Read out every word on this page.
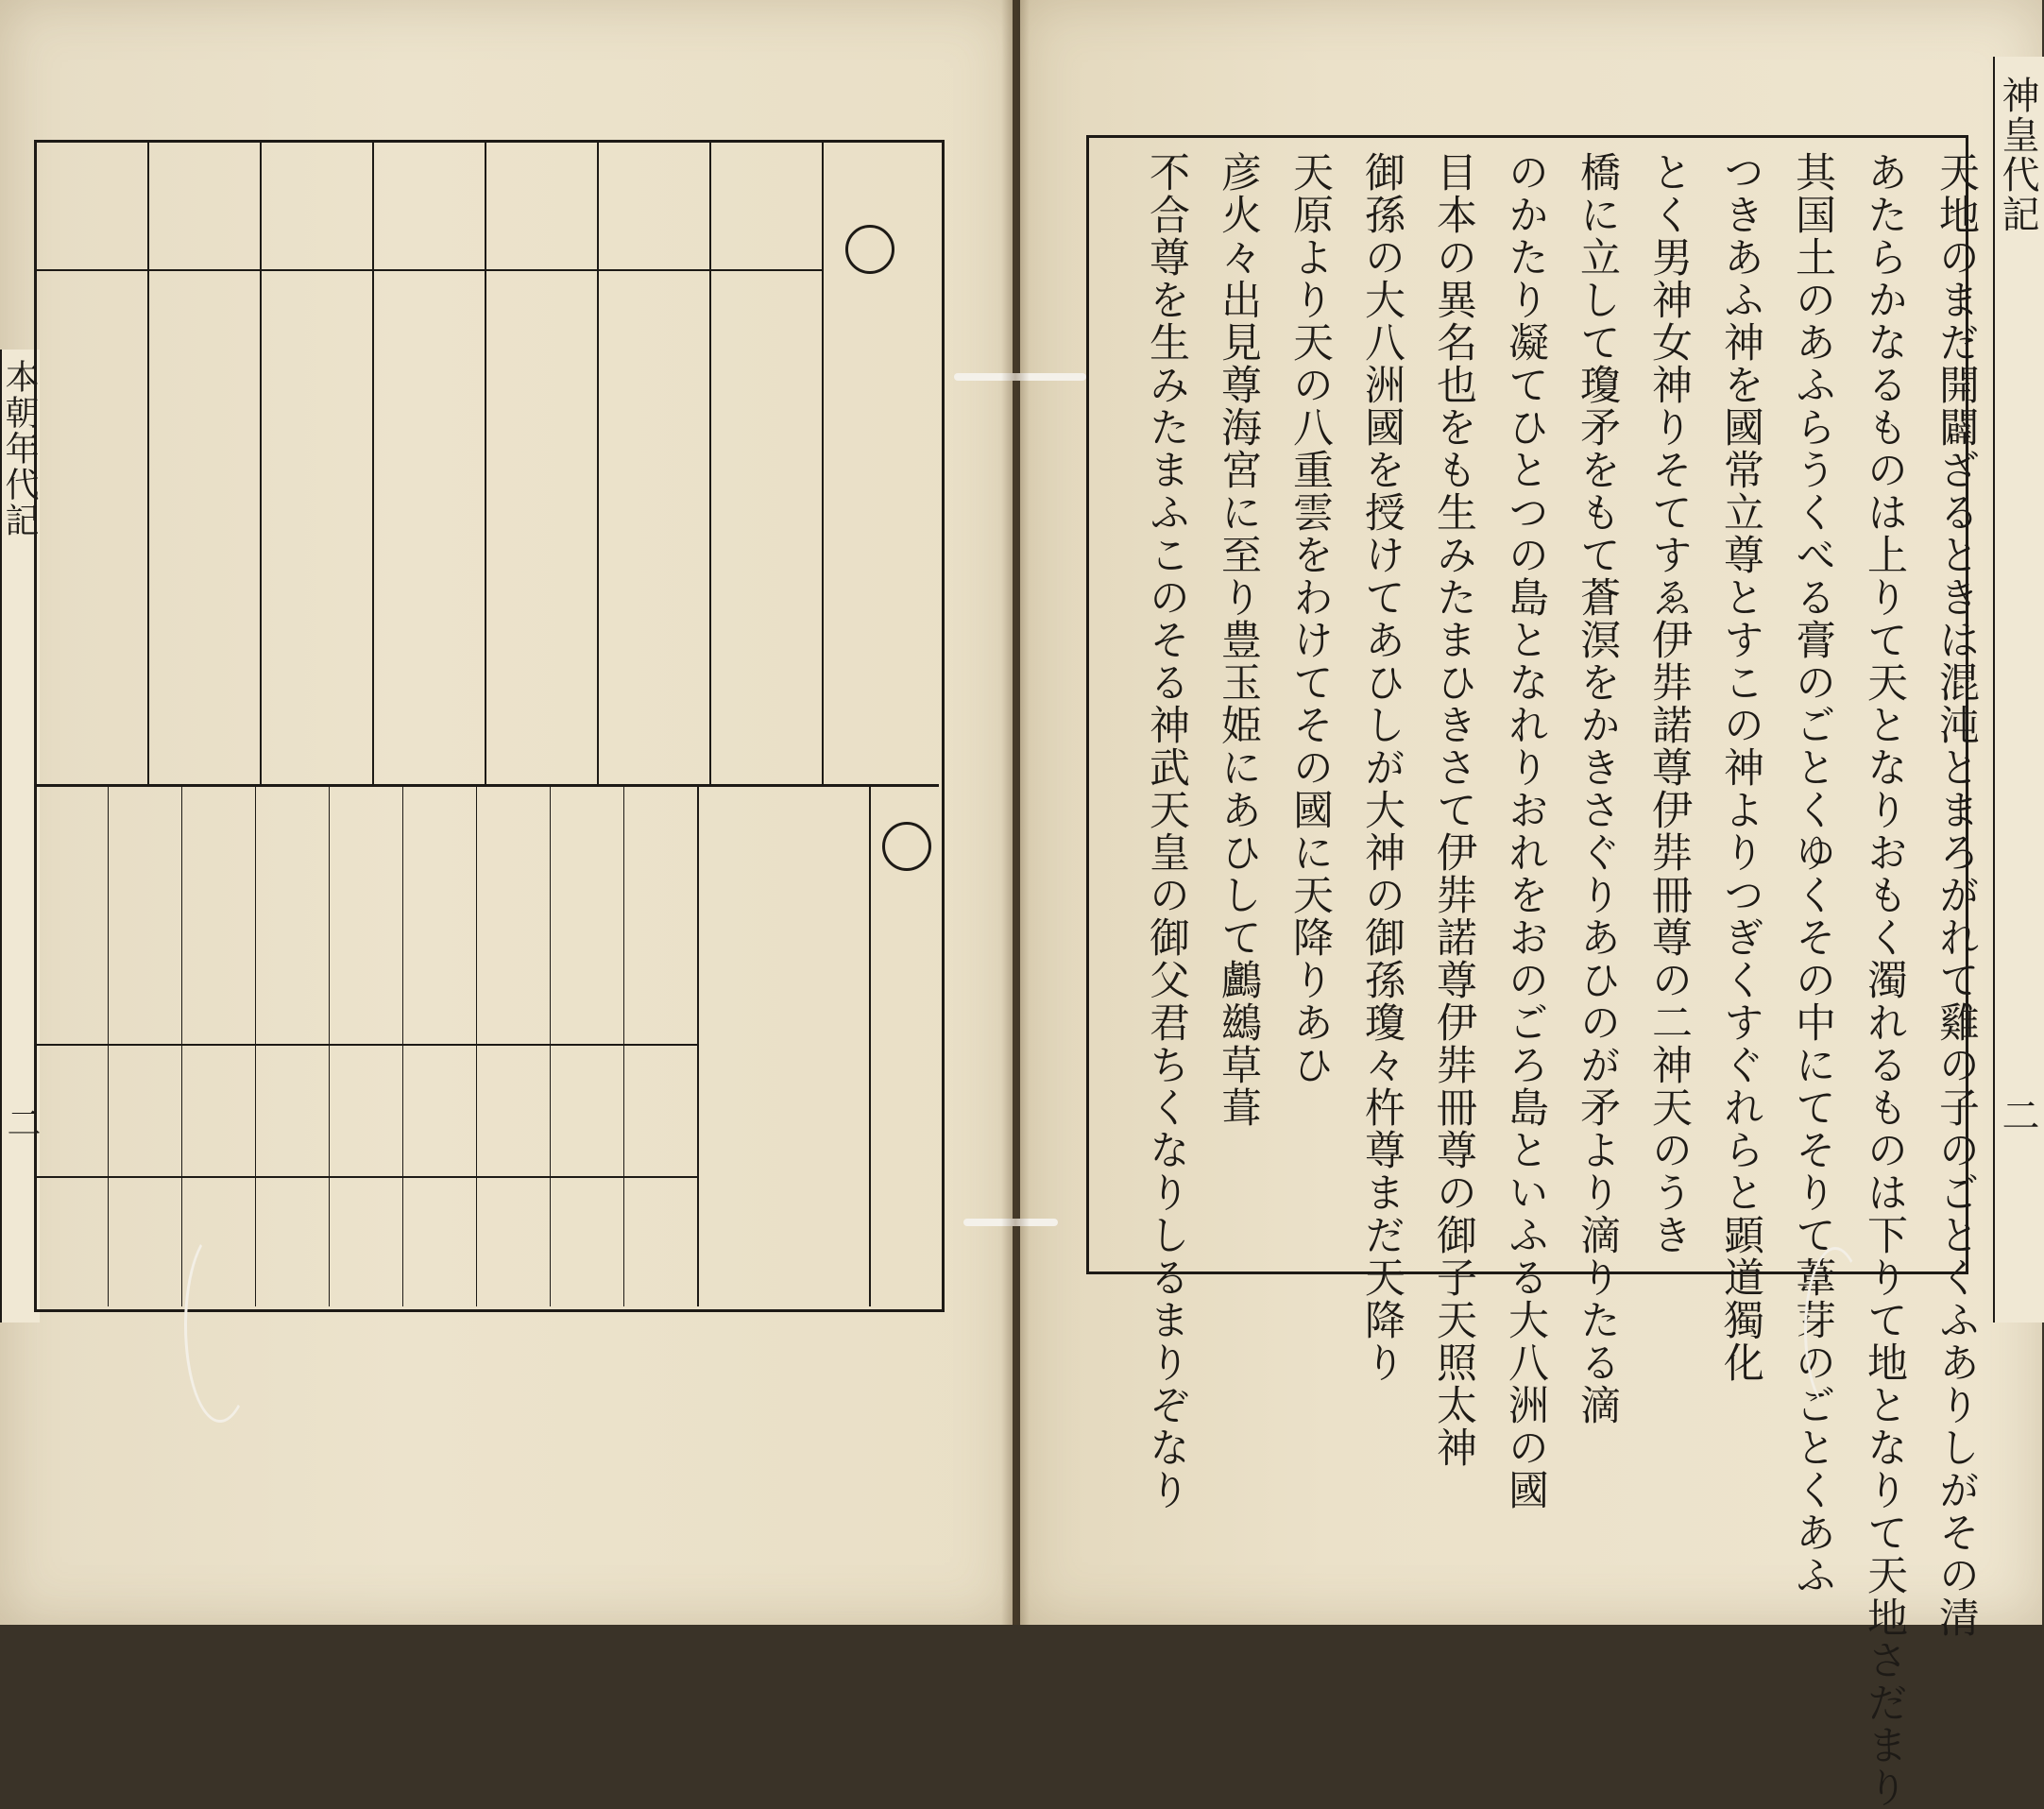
神皇代記
二
天地のまだ開闢ざるときは混沌とまろがれて雞の子のごとくふありしがその清
あたらかなるものは上りて天となりおもく濁れるものは下りて地となりて天地さだまり
其国土のあふらうくべる膏のごとくゆくその中にてそりて葦芽のごとくあふ
つきあふ神を國常立尊とすこの神よりつぎくすぐれらと顕道獨化
とく男神女神りそてすゑ伊弉諾尊伊弉冊尊の二神天のうき
橋に立して瓊矛をもて蒼溟をかきさぐりあひのが矛より滴りたる滴
のかたり凝てひとつの島となれりおれをおのごろ島といふる大八洲の國
目本の異名也をも生みたまひきさて伊弉諾尊伊弉冊尊の御子天照太神
御孫の大八洲國を授けてあひしが大神の御孫瓊々杵尊まだ天降り
天原より天の八重雲をわけてその國に天降りあひ
彦火々出見尊海宮に至り豊玉姫にあひして鸕鷀草葺
不合尊を生みたまふこのそる神武天皇の御父君ちくなりしるまりぞなり
本朝年代記
二
